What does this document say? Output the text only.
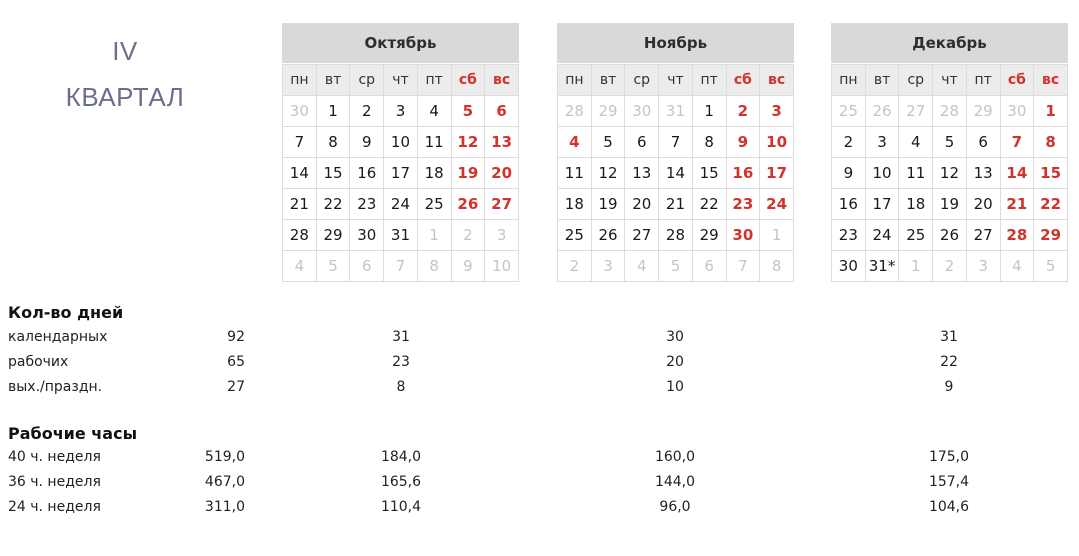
IV
КВАРТАЛ
Октябрь
пн	вт	ср	чт	пт	сб	вс
30	1	2	3	4	5	6
7	8	9	10	11	12	13
14	15	16	17	18	19	20
21	22	23	24	25	26	27
28	29	30	31	1	2	3
4	5	6	7	8	9	10
Ноябрь
пн	вт	ср	чт	пт	сб	вс
28	29	30	31	1	2	3
4	5	6	7	8	9	10
11	12	13	14	15	16	17
18	19	20	21	22	23	24
25	26	27	28	29	30	1
2	3	4	5	6	7	8
Декабрь
пн	вт	ср	чт	пт	сб	вс
25	26	27	28	29	30	1
2	3	4	5	6	7	8
9	10	11	12	13	14	15
16	17	18	19	20	21	22
23	24	25	26	27	28	29
30	31*	1	2	3	4	5
Кол-во дней
календарных	92	31	30	31
рабочих	65	23	20	22
вых./праздн.	27	8	10	9
Рабочие часы
40 ч. неделя	519,0	184,0	160,0	175,0
36 ч. неделя	467,0	165,6	144,0	157,4
24 ч. неделя	311,0	110,4	96,0	104,6
